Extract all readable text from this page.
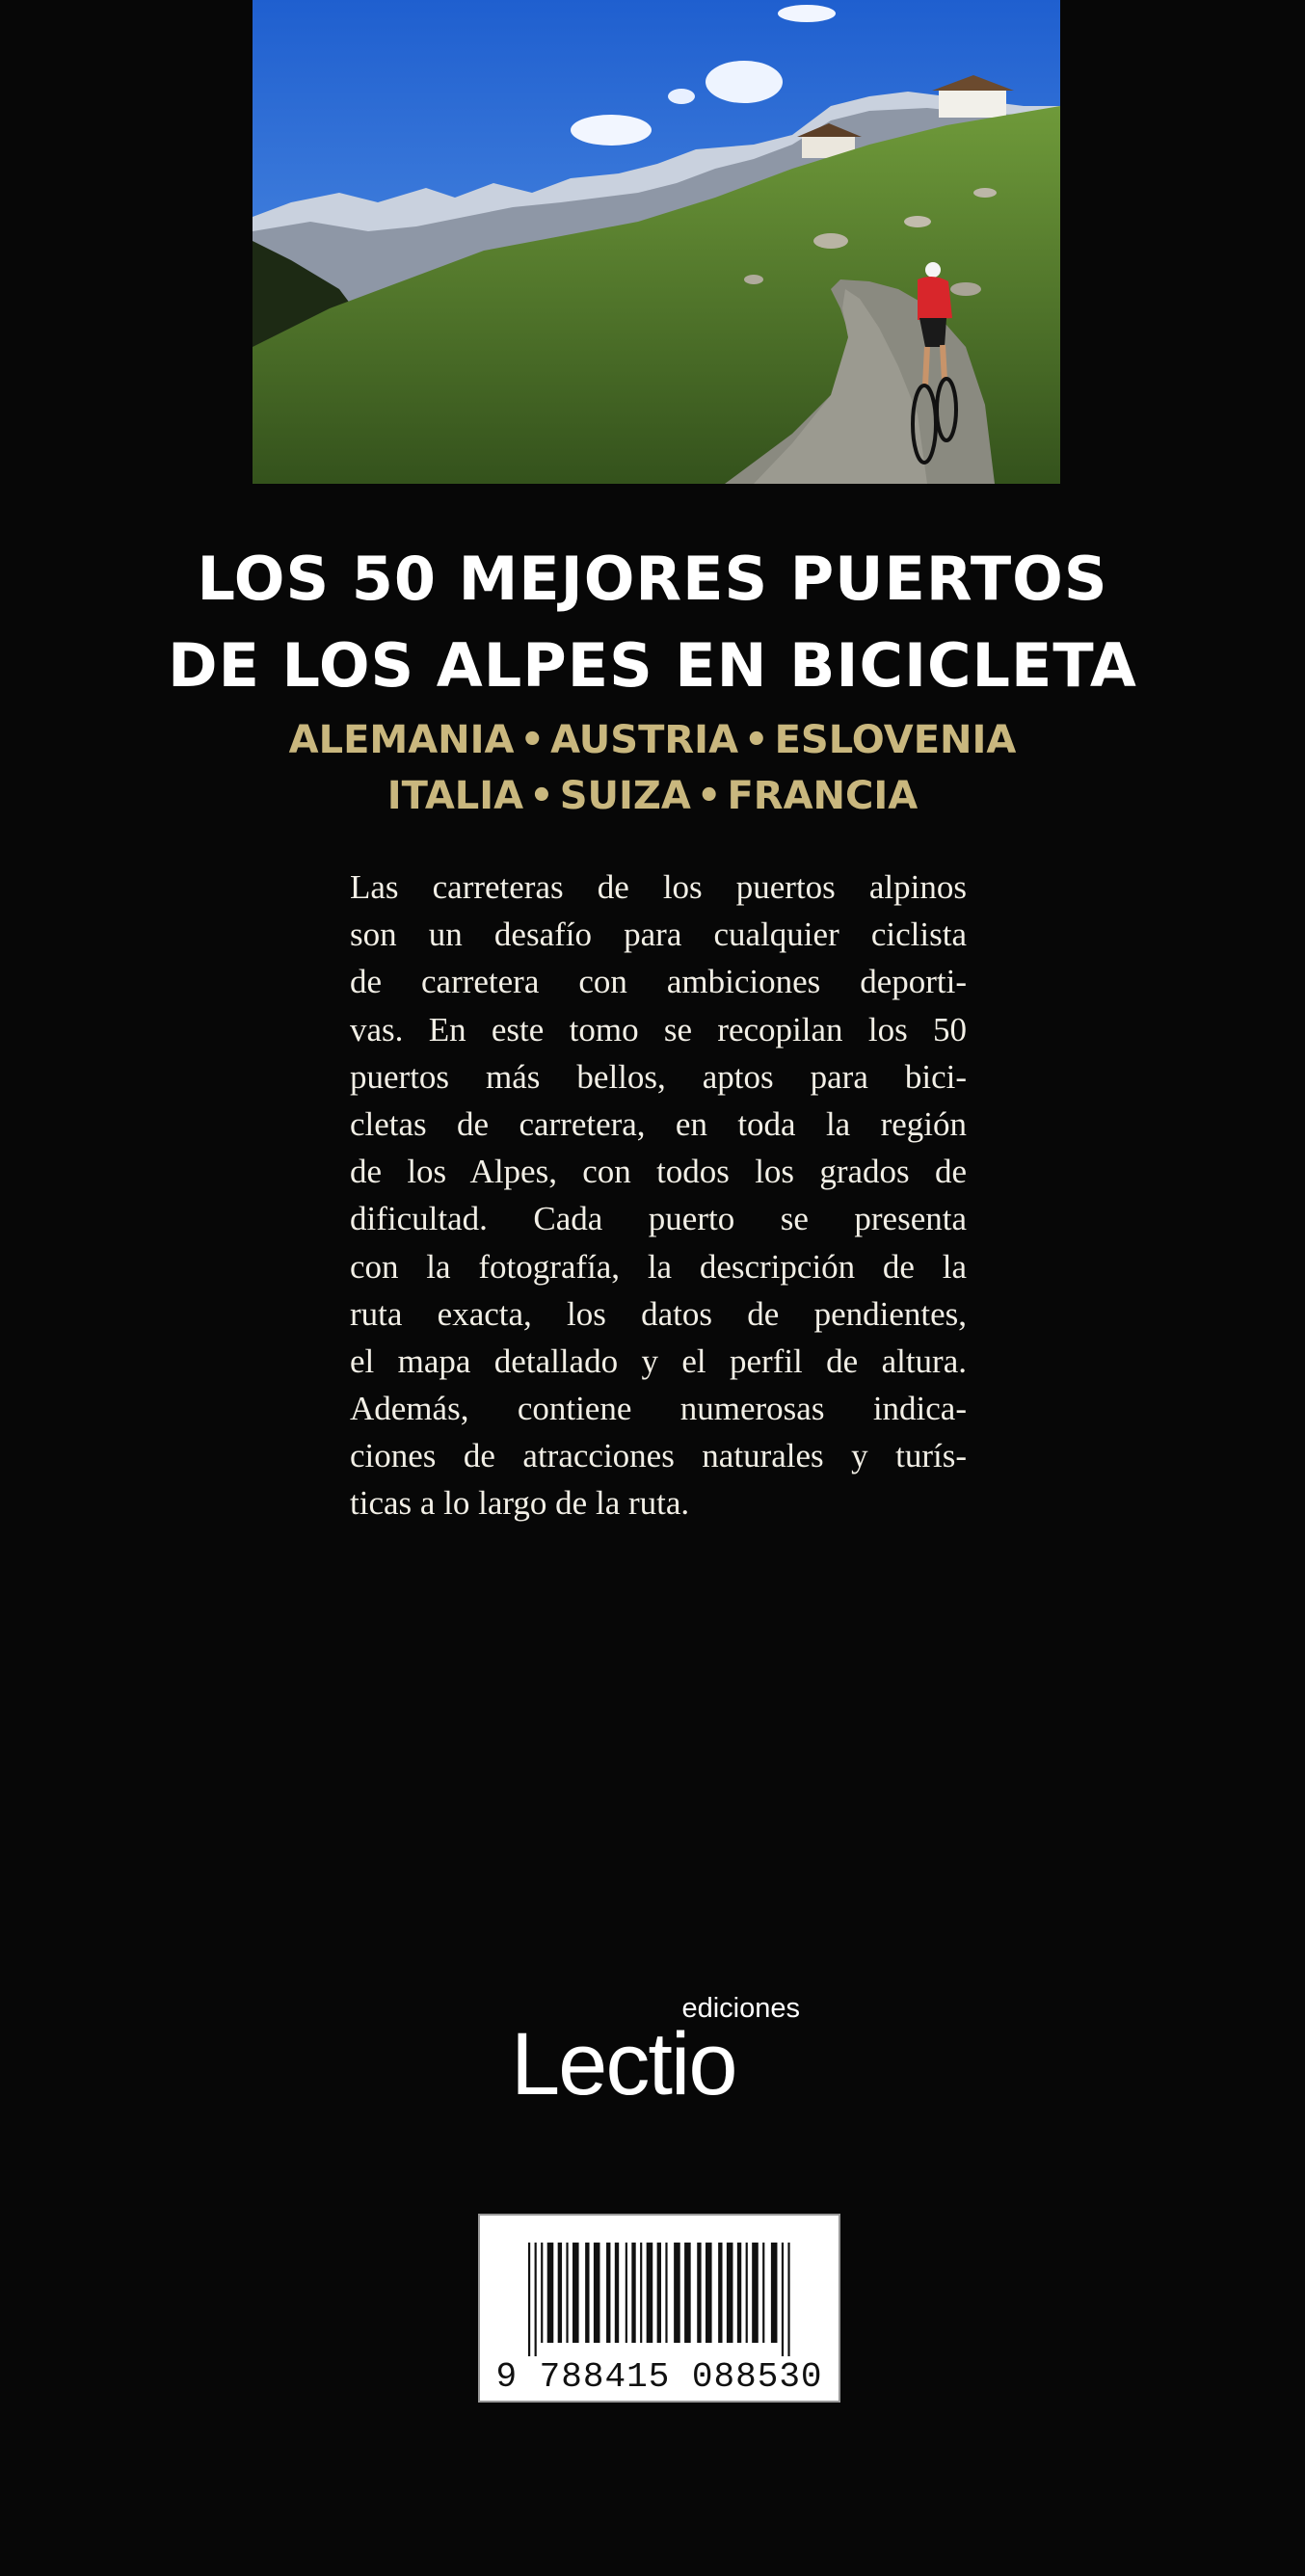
LOS 50 MEJORES PUERTOS
DE LOS ALPES EN BICICLETA
ALEMANIA • AUSTRIA • ESLOVENIA
ITALIA • SUIZA • FRANCIA
Las carreteras de los puertos alpinos
son un desafío para cualquier ciclista
de carretera con ambiciones deporti-
vas. En este tomo se recopilan los 50
puertos más bellos, aptos para bici-
cletas de carretera, en toda la región
de los Alpes, con todos los grados de
dificultad. Cada puerto se presenta
con la fotografía, la descripción de la
ruta exacta, los datos de pendientes,
el mapa detallado y el perfil de altura.
Además, contiene numerosas indica-
ciones de atracciones naturales y turís-
ticas a lo largo de la ruta.
ediciones
Lectio
9 788415 088530
